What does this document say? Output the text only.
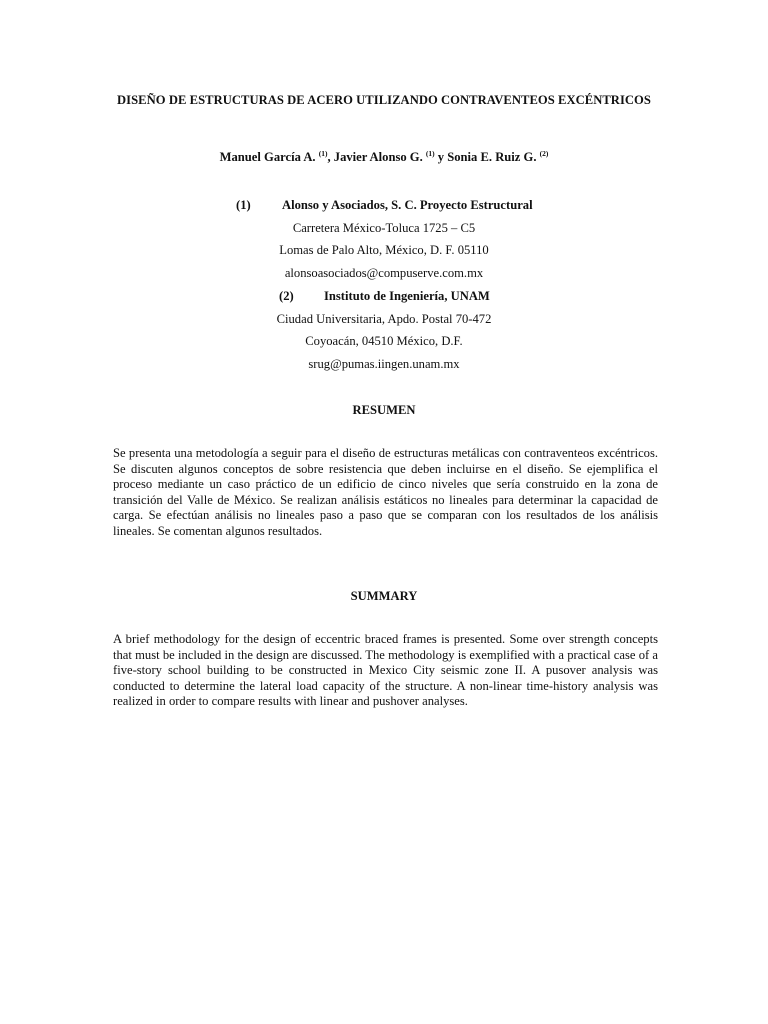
DISEÑO DE ESTRUCTURAS DE ACERO UTILIZANDO CONTRAVENTEOS EXCÉNTRICOS
Manuel García A. $^{(1)}$, Javier Alonso G. $^{(1)}$ y Sonia E. Ruiz G. $^{(2)}$
(1) Alonso y Asociados, S. C. Proyecto Estructural
Carretera México-Toluca 1725 – C5
Lomas de Palo Alto, México, D. F. 05110
alonsoasociados@compuserve.com.mx
(2) Instituto de Ingeniería, UNAM
Ciudad Universitaria, Apdo. Postal 70-472
Coyoacán, 04510 México, D.F.
srug@pumas.iingen.unam.mx
RESUMEN
Se presenta una metodología a seguir para el diseño de estructuras metálicas con contraventeos excéntricos. Se discuten algunos conceptos de sobre resistencia que deben incluirse en el diseño. Se ejemplifica el proceso mediante un caso práctico de un edificio de cinco niveles que sería construido en la zona de transición del Valle de México. Se realizan análisis estáticos no lineales para determinar la capacidad de carga. Se efectúan análisis no lineales paso a paso que se comparan con los resultados de los análisis lineales. Se comentan algunos resultados.
SUMMARY
A brief methodology for the design of eccentric braced frames is presented. Some over strength concepts that must be included in the design are discussed. The methodology is exemplified with a practical case of a five-story school building to be constructed in Mexico City seismic zone II. A pusover analysis was conducted to determine the lateral load capacity of the structure. A non-linear time-history analysis was realized in order to compare results with linear and pushover analyses.
